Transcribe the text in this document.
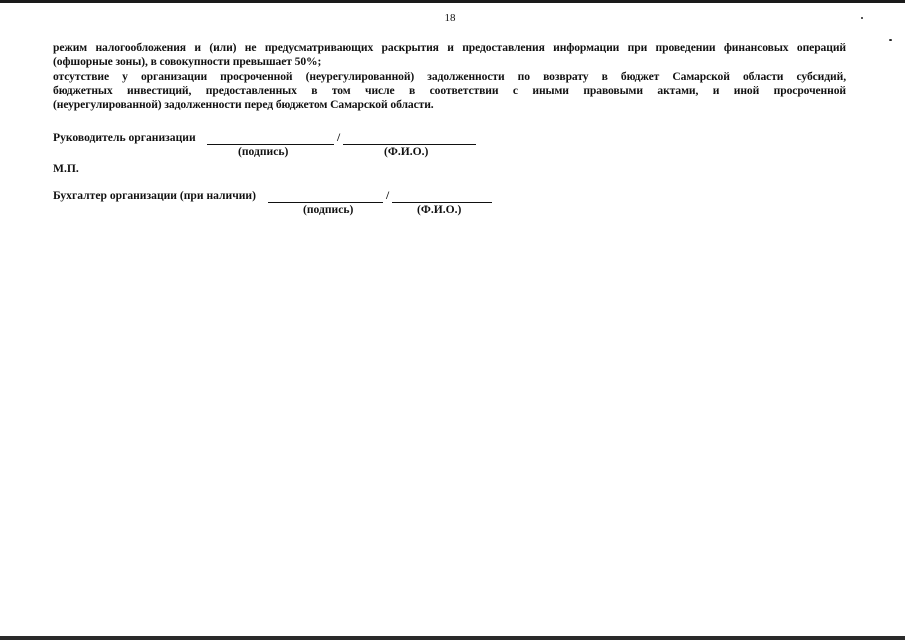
18
режим налогообложения и (или) не предусматривающих раскрытия и предоставления информации при проведении финансовых операций
(офшорные зоны), в совокупности превышает 50%;
отсутствие у организации просроченной (неурегулированной) задолженности по возврату в бюджет Самарской области субсидий,
бюджетных инвестиций, предоставленных в том числе в соответствии с иными правовыми актами, и иной просроченной
(неурегулированной) задолженности перед бюджетом Самарской области.
Руководитель организации	/
(подпись)	(Ф.И.О.)
М.П.
Бухгалтер организации (при наличии)	/
(подпись)	(Ф.И.О.)
